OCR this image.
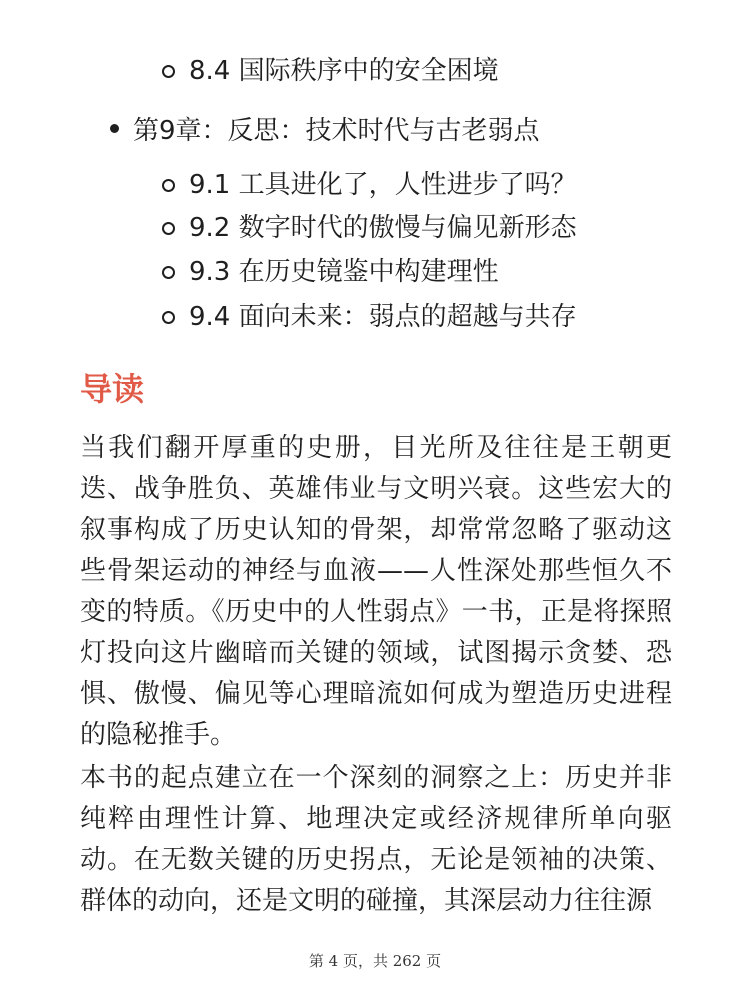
8.4 国际秩序中的安全困境
第9章：反思：技术时代与古老弱点
9.1 工具进化了，人性进步了吗？
9.2 数字时代的傲慢与偏见新形态
9.3 在历史镜鉴中构建理性
9.4 面向未来：弱点的超越与共存
导读

当我们翻开厚重的史册，目光所及往往是王朝更迭、战争胜负、英雄伟业与文明兴衰。这些宏大的叙事构成了历史认知的骨架，却常常忽略了驱动这些骨架运动的神经与血液——人性深处那些恒久不变的特质。《历史中的人性弱点》一书，正是将探照灯投向这片幽暗而关键的领域，试图揭示贪婪、恐惧、傲慢、偏见等心理暗流如何成为塑造历史进程的隐秘推手。

本书的起点建立在一个深刻的洞察之上：历史并非纯粹由理性计算、地理决定或经济规律所单向驱动。在无数关键的历史拐点，无论是领袖的决策、群体的动向，还是文明的碰撞，其深层动力往往源

第 4 页，共 262 页
